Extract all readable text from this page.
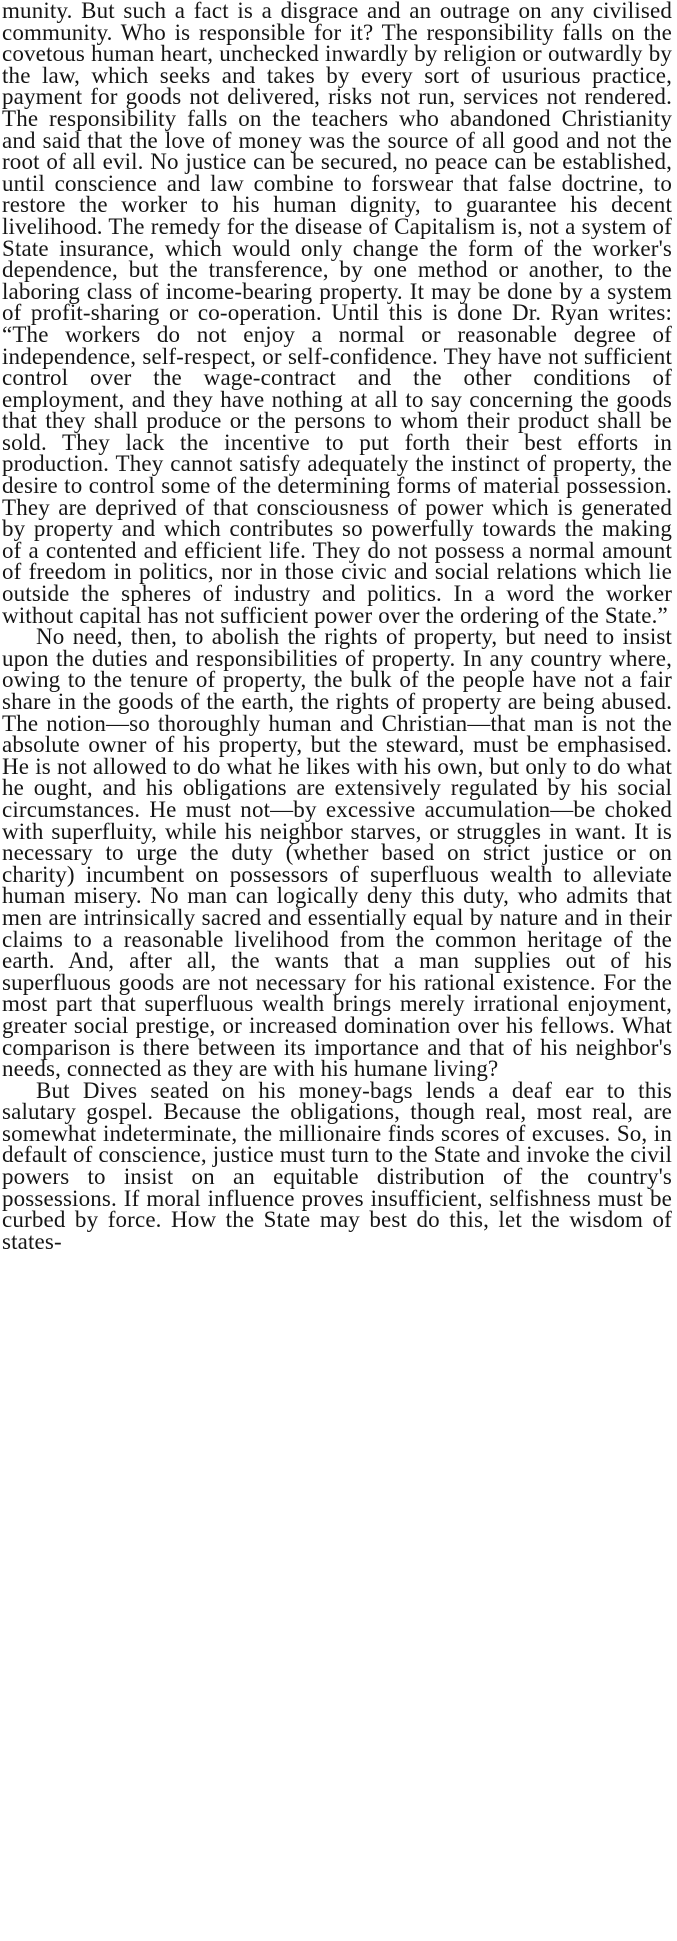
munity. But such a fact is a disgrace and an outrage on any civilised community. Who is responsible for it? The responsibility falls on the covetous human heart, unchecked inwardly by religion or outwardly by the law, which seeks and takes by every sort of usurious practice, payment for goods not delivered, risks not run, services not rendered. The responsibility falls on the teachers who abandoned Christianity and said that the love of money was the source of all good and not the root of all evil. No justice can be secured, no peace can be established, until conscience and law combine to forswear that false doctrine, to restore the worker to his human dignity, to guarantee his decent livelihood. The remedy for the disease of Capitalism is, not a system of State insurance, which would only change the form of the worker's dependence, but the transference, by one method or another, to the laboring class of income-bearing property. It may be done by a system of profit-sharing or co-operation. Until this is done Dr. Ryan writes: “The workers do not enjoy a normal or reasonable degree of independence, self-respect, or self-confidence. They have not sufficient control over the wage-contract and the other conditions of employment, and they have nothing at all to say concerning the goods that they shall produce or the persons to whom their product shall be sold. They lack the incentive to put forth their best efforts in production. They cannot satisfy adequately the instinct of property, the desire to control some of the determining forms of material possession. They are deprived of that consciousness of power which is generated by property and which contributes so powerfully towards the making of a contented and efficient life. They do not possess a normal amount of freedom in politics, nor in those civic and social relations which lie outside the spheres of industry and politics. In a word the worker without capital has not sufficient power over the ordering of the State.”

No need, then, to abolish the rights of property, but need to insist upon the duties and responsibilities of property. In any country where, owing to the tenure of property, the bulk of the people have not a fair share in the goods of the earth, the rights of property are being abused. The notion—so thoroughly human and Christian—that man is not the absolute owner of his property, but the steward, must be emphasised. He is not allowed to do what he likes with his own, but only to do what he ought, and his obligations are extensively regulated by his social circumstances. He must not—by excessive accumulation—be choked with superfluity, while his neighbor starves, or struggles in want. It is necessary to urge the duty (whether based on strict justice or on charity) incumbent on possessors of superfluous wealth to alleviate human misery. No man can logically deny this duty, who admits that men are intrinsically sacred and essentially equal by nature and in their claims to a reasonable livelihood from the common heritage of the earth. And, after all, the wants that a man supplies out of his superfluous goods are not necessary for his rational existence. For the most part that superfluous wealth brings merely irrational enjoyment, greater social prestige, or increased domination over his fellows. What comparison is there between its importance and that of his neighbor's needs, connected as they are with his humane living?

But Dives seated on his money-bags lends a deaf ear to this salutary gospel. Because the obligations, though real, most real, are somewhat indeterminate, the millionaire finds scores of excuses. So, in default of conscience, justice must turn to the State and invoke the civil powers to insist on an equitable distribution of the country's possessions. If moral influence proves insufficient, selfishness must be curbed by force. How the State may best do this, let the wisdom of states-
